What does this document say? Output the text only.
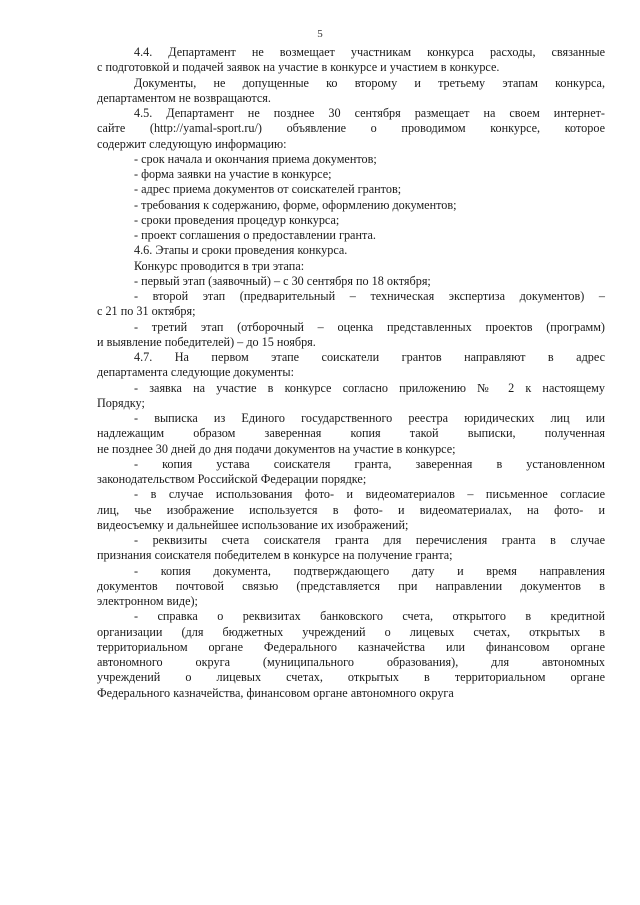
5
4.4. Департамент не возмещает участникам конкурса расходы, связанные
с подготовкой и подачей заявок на участие в конкурсе и участием в конкурсе.
Документы, не допущенные ко второму и третьему этапам конкурса,
департаментом не возвращаются.
4.5. Департамент не позднее 30 сентября размещает на своем интернет-
сайте (http://yamal-sport.ru/) объявление о проводимом конкурсе, которое
содержит следующую информацию:
- срок начала и окончания приема документов;
- форма заявки на участие в конкурсе;
- адрес приема документов от соискателей грантов;
- требования к содержанию, форме, оформлению документов;
- сроки проведения процедур конкурса;
- проект соглашения о предоставлении гранта.
4.6. Этапы и сроки проведения конкурса.
Конкурс проводится в три этапа:
- первый этап (заявочный) – с 30 сентября по 18 октября;
- второй этап (предварительный – техническая экспертиза документов) –
с 21 по 31 октября;
- третий этап (отборочный – оценка представленных проектов (программ)
и выявление победителей) – до 15 ноября.
4.7. На первом этапе соискатели грантов направляют в адрес
департамента следующие документы:
- заявка на участие в конкурсе согласно приложению № 2 к настоящему
Порядку;
- выписка из Единого государственного реестра юридических лиц или
надлежащим образом заверенная копия такой выписки, полученная
не позднее 30 дней до дня подачи документов на участие в конкурсе;
- копия устава соискателя гранта, заверенная в установленном
законодательством Российской Федерации порядке;
- в случае использования фото- и видеоматериалов – письменное согласие
лиц, чье изображение используется в фото- и видеоматериалах, на фото- и
видеосъемку и дальнейшее использование их изображений;
- реквизиты счета соискателя гранта для перечисления гранта в случае
признания соискателя победителем в конкурсе на получение гранта;
- копия документа, подтверждающего дату и время направления
документов почтовой связью (представляется при направлении документов в
электронном виде);
- справка о реквизитах банковского счета, открытого в кредитной
организации (для бюджетных учреждений о лицевых счетах, открытых в
территориальном органе Федерального казначейства или финансовом органе
автономного округа (муниципального образования), для автономных
учреждений о лицевых счетах, открытых в территориальном органе
Федерального казначейства, финансовом органе автономного округа
